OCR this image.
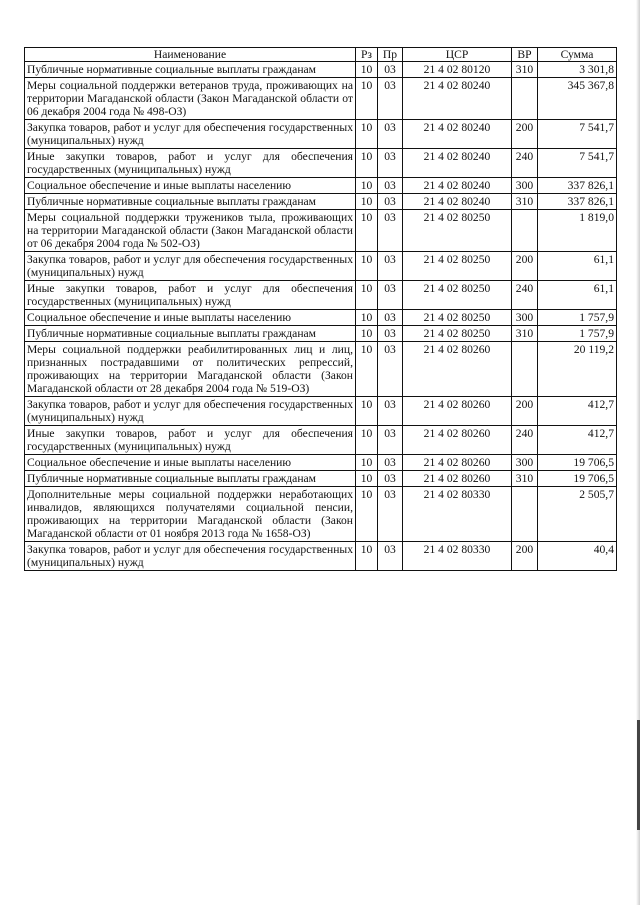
Наименование	Рз	Пр	ЦСР	ВР	Сумма
Публичные нормативные социальные выплаты гражданам	10	03	21 4 02 80120	310	3 301,8
Меры социальной поддержки ветеранов труда, проживающих на территории Магаданской области (Закон Магаданской области от 06 декабря 2004 года № 498-ОЗ)	10	03	21 4 02 80240		345 367,8
Закупка товаров, работ и услуг для обеспечения государственных (муниципальных) нужд	10	03	21 4 02 80240	200	7 541,7
Иные закупки товаров, работ и услуг для обеспечения государственных (муниципальных) нужд	10	03	21 4 02 80240	240	7 541,7
Социальное обеспечение и иные выплаты населению	10	03	21 4 02 80240	300	337 826,1
Публичные нормативные социальные выплаты гражданам	10	03	21 4 02 80240	310	337 826,1
Меры социальной поддержки тружеников тыла, проживающих на территории Магаданской области (Закон Магаданской области от 06 декабря 2004 года № 502-ОЗ)	10	03	21 4 02 80250		1 819,0
Закупка товаров, работ и услуг для обеспечения государственных (муниципальных) нужд	10	03	21 4 02 80250	200	61,1
Иные закупки товаров, работ и услуг для обеспечения государственных (муниципальных) нужд	10	03	21 4 02 80250	240	61,1
Социальное обеспечение и иные выплаты населению	10	03	21 4 02 80250	300	1 757,9
Публичные нормативные социальные выплаты гражданам	10	03	21 4 02 80250	310	1 757,9
Меры социальной поддержки реабилитированных лиц и лиц, признанных пострадавшими от политических репрессий, проживающих на территории Магаданской области (Закон Магаданской области от 28 декабря 2004 года № 519-ОЗ)	10	03	21 4 02 80260		20 119,2
Закупка товаров, работ и услуг для обеспечения государственных (муниципальных) нужд	10	03	21 4 02 80260	200	412,7
Иные закупки товаров, работ и услуг для обеспечения государственных (муниципальных) нужд	10	03	21 4 02 80260	240	412,7
Социальное обеспечение и иные выплаты населению	10	03	21 4 02 80260	300	19 706,5
Публичные нормативные социальные выплаты гражданам	10	03	21 4 02 80260	310	19 706,5
Дополнительные меры социальной поддержки неработающих инвалидов, являющихся получателями социальной пенсии, проживающих на территории Магаданской области (Закон Магаданской области от 01 ноября 2013 года № 1658-ОЗ)	10	03	21 4 02 80330		2 505,7
Закупка товаров, работ и услуг для обеспечения государственных (муниципальных) нужд	10	03	21 4 02 80330	200	40,4
